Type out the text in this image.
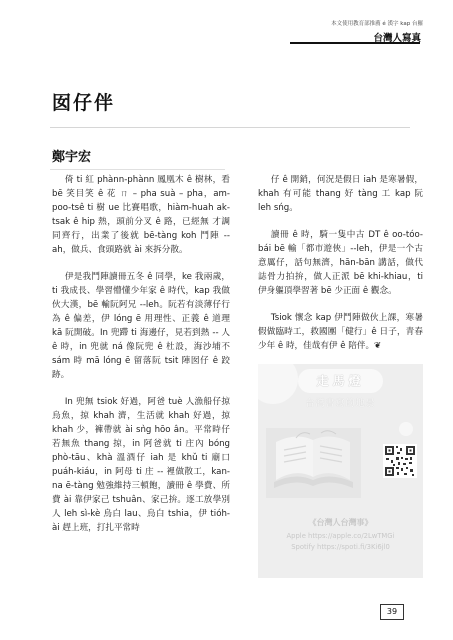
本文使用教育部推薦 é 漢字 kap 台羅
台灣人寫真
囡仔伴
鄭宇宏

倚 ti 紅 phànn-phànn 鳳凰木 ê 樹林，看 bē 笑目笑 ê 花 ㄇ – pha suà – pha，am-poo-tsê ti 樹 ue 比賽唱歌，hiàm-huah ak-tsak ê hip 熱，頭前分叉 ê 路，已經無 才調同齊行，出業了後就 bē-tàng koh 鬥陣 --ah，做兵、食頭路就 ài 來拆分散。

伊是我鬥陣讀冊五冬 ê 同學，ke 我兩歲，ti 我成長、學習懵懂少年家 ê 時代，kap 我做伙大漢，bē 輸阮阿兄 --leh。阮若有淡薄仔行為 ê 偏差，伊 lóng ē 用理性、正義 ê 道理 kā 阮開破。In 兜蹛 ti 海邊仔，見若到熱 -- 人 ê 時，in 兜就 ná 像阮兜 ê 杜設，海沙埔不 sám 時 mā lóng ē 留落阮 tsit 陣囡仔 ê 跤跡。

In 兜無 tsiok 好過，阿爸 tuè 人漁船仔掠烏魚，掠 khah 濟，生活就 khah 好過，掠 khah 少，褲帶就 ài sǹg hōo ân。平常時仔若無魚 thang 掠，in 阿爸就 ti 庄內 bóng phò-tāu、khà 溫酒仔 iah 是 khǔ ti 廟口 puáh-kiáu，in 阿母 ti 庄 -- 裡做散工，kan-na ē-tàng 勉強維持三頓飽，讀冊 ê 學費、所費 ài 靠伊家己 tshuân、家己拚。逐工放學別人 leh sì-kè 烏白 lau、烏白 tshia，伊 tióh-ài 趕上班，打扎平常時

仔 ê 開銷，何況是假日 iah 是寒暑假，khah 有可能 thang 好 tàng 工 kap 阮 leh sńg。

讀冊 ê 時，騎一隻中古 DT ê oo-tóo-bái bē 輸「都市遊俠」--leh，伊是一个古意厲仔，話句無濟，hān-bān 講話，做代誌骨力拍拚，做人正派 bē khi-khiau，ti 伊身軀頂學習著 bē 少正面 ê 觀念。

Tsiok 懷念 kap 伊鬥陣做伙上課，寒暑假做臨時工，救國團「健行」ê 日子，青春少年 ê 時，佳哉有伊 ê 陪伴。❦

走馬燈
台灣書寫的地景
《台灣人台灣事》
Apple https://apple.co/2LwTMGi
Spotify https://spoti.fi/3Ki6jl0
39
